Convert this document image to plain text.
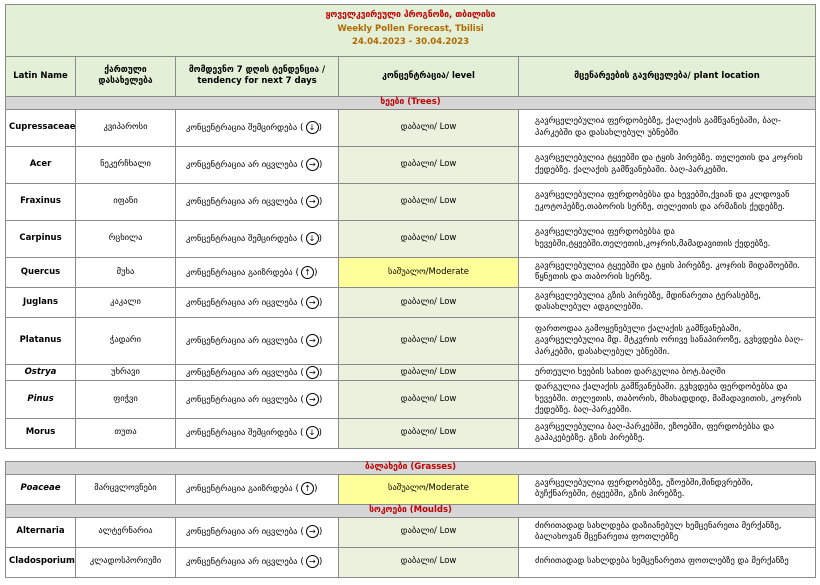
ყოველკვირეული პროგნოზი, თბილისი
Weekly Pollen Forecast, Tbilisi
24.04.2023 - 30.04.2023				

Latin Name	ქართული დასახელება	მომდევნო 7 დღის ტენდენცია / tendency for next 7 days	კონცენტრაცია/ level	მცენარეების გავრცელება/ plant location
ხეები (Trees)				
Cupressaceae	კვიპაროსი	კონცენტრაცია შემცირდება ( ↓ )	დაბალი/ Low	გავრცელებულია ფერდობებზე, ქალაქის გამწვანებაში, ბაღ-პარკებში და დასახლებულ უბნებში
Acer	ნეკერჩხალი	კონცენტრაცია არ იცვლება ( → )	დაბალი/ Low	გავრცელებულია ტყეებში და ტყის პირებზე. თელეთის და კოჯრის ქედებზე. ქალაქის გამწვანებაში. ბაღ-პარკებში.
Fraxinus	იფანი	კონცენტრაცია არ იცვლება ( → )	დაბალი/ Low	გავრცელებულია ფერდობებსა და ხევებში,ქვიან და კლდოვან ეკოტოპებზე.თაბორის სერზე, თელეთის და არმაზის ქედებზე.
Carpinus	რცხილა	კონცენტრაცია შემცირდება ( ↓ )	დაბალი/ Low	გავრცელებულია ფერდობებსა და ხევებში,ტყეებში.თელეთის,კოჯრის,მამადავითის ქედებზე.
Quercus	მუხა	კონცენტრაცია გაიზრდება ( ↑ )	საშუალო/Moderate	გავრცელებულია ტყეებში და ტყის პირებზე. კოჯრის მიდამოებში. წყნეთის და თაბორის სერზე.
Juglans	კაკალი	კონცენტრაცია არ იცვლება ( → )	დაბალი/ Low	გავრცელებულია გზის პირებზე, მდინარეთა ტერასებზე, დასახლებულ ადგილებში.
Platanus	ჭადარი	კონცენტრაცია არ იცვლება ( → )	დაბალი/ Low	ფართოდაა გამოყენებული ქალაქის გამწვანებაში, გავრცელებულია მდ. მტკვრის ორივე სანაპიროზე, გვხვდება ბაღ-პარკებში, დასახლებულ უბნებში.
Ostrya	უხრავი	კონცენტრაცია არ იცვლება ( → )	დაბალი/ Low	ერთეული ხეების სახით დარგულია ბოტ.ბაღში
Pinus	ფიჭვი	კონცენტრაცია არ იცვლება ( → )	დაბალი/ Low	დარგულია ქალაქის გამწვანებაში. გვხვდება ფერდობებსა და ხევებში. თელეთის, თაბორის, მხახადდიდ, მამადავითის, კოჯრის ქედებზე. ბაღ-პარკებში.
Morus	თუთა	კონცენტრაცია შემცირდება ( ↓ )	დაბალი/ Low	გავრცელებულია ბაღ-პარკებში, ეზოებში, ფერდობებსა და გაპაკებებზე. გზის პირებზე.
ბალახები (Grasses)				
Poaceae	მარცვლოვნები	კონცენტრაცია გაიზრდება ( ↑ )	საშუალო/Moderate	გავრცელებულია ფერდობებზე, ეზოებში,მინდვრებში, ბუჩქნარებში, ტყეებში, გზის პირებზე.
სოკოები (Moulds)				
Alternaria	ალტერნარია	კონცენტრაცია არ იცვლება ( → )	დაბალი/ Low	ძირითადად სახლდება დაზიანებულ ხემცენარეთა მერქანზე, ბალახოვან მცენარეთა ფოთლებზე
Cladosporium	კლადოსპორიუმი	კონცენტრაცია არ იცვლება ( → )	დაბალი/ Low	ძირითადად სახლდება ხემცენარეთა ფოთლებზე და მერქანზე
